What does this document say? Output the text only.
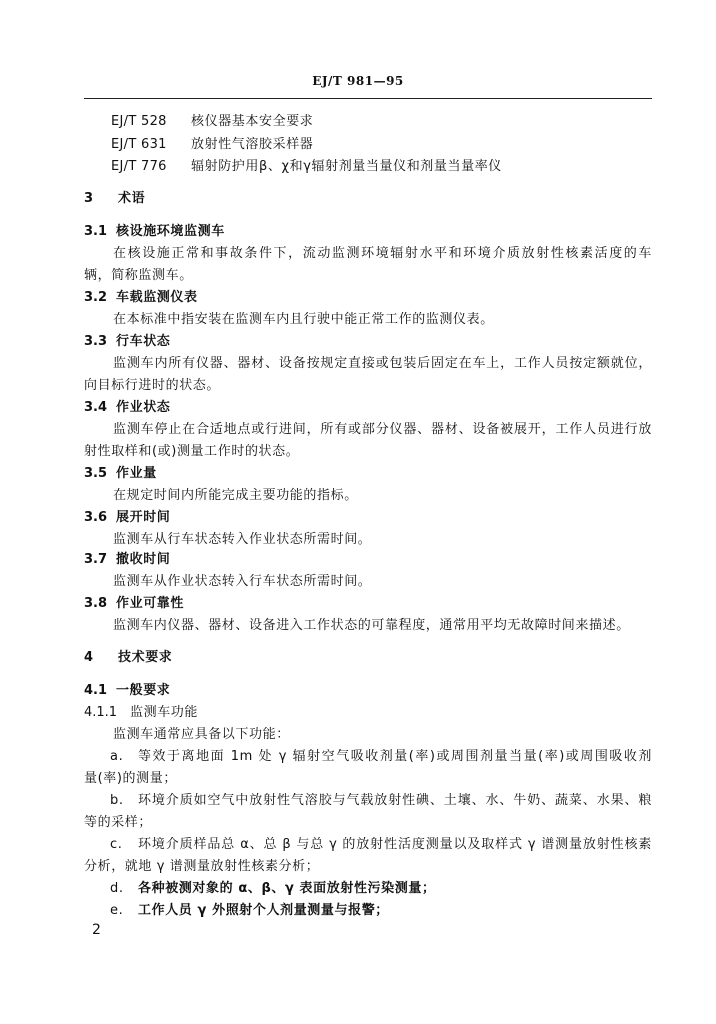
EJ/T 981—95
EJ/T 528 核仪器基本安全要求
EJ/T 631 放射性气溶胶采样器
EJ/T 776 辐射防护用β、χ和γ辐射剂量当量仪和剂量当量率仪
3 术语
3.1 核设施环境监测车
在核设施正常和事故条件下，流动监测环境辐射水平和环境介质放射性核素活度的车
辆，简称监测车。
3.2 车载监测仪表
在本标准中指安装在监测车内且行驶中能正常工作的监测仪表。
3.3 行车状态
监测车内所有仪器、器材、设备按规定直接或包装后固定在车上，工作人员按定额就位，
向目标行进时的状态。
3.4 作业状态
监测车停止在合适地点或行进间，所有或部分仪器、器材、设备被展开，工作人员进行放
射性取样和(或)测量工作时的状态。
3.5 作业量
在规定时间内所能完成主要功能的指标。
3.6 展开时间
监测车从行车状态转入作业状态所需时间。
3.7 撤收时间
监测车从作业状态转入行车状态所需时间。
3.8 作业可靠性
监测车内仪器、器材、设备进入工作状态的可靠程度，通常用平均无故障时间来描述。
4 技术要求
4.1 一般要求
4.1.1 监测车功能
监测车通常应具备以下功能：
a. 等效于离地面 1m 处 γ 辐射空气吸收剂量(率)或周围剂量当量(率)或周围吸收剂
量(率)的测量；
b. 环境介质如空气中放射性气溶胶与气载放射性碘、土壤、水、牛奶、蔬菜、水果、粮
等的采样；
c. 环境介质样品总 α、总 β 与总 γ 的放射性活度测量以及取样式 γ 谱测量放射性核素
分析，就地 γ 谱测量放射性核素分析；
d. 各种被测对象的 α、β、γ 表面放射性污染测量；
e. 工作人员 γ 外照射个人剂量测量与报警；
2
